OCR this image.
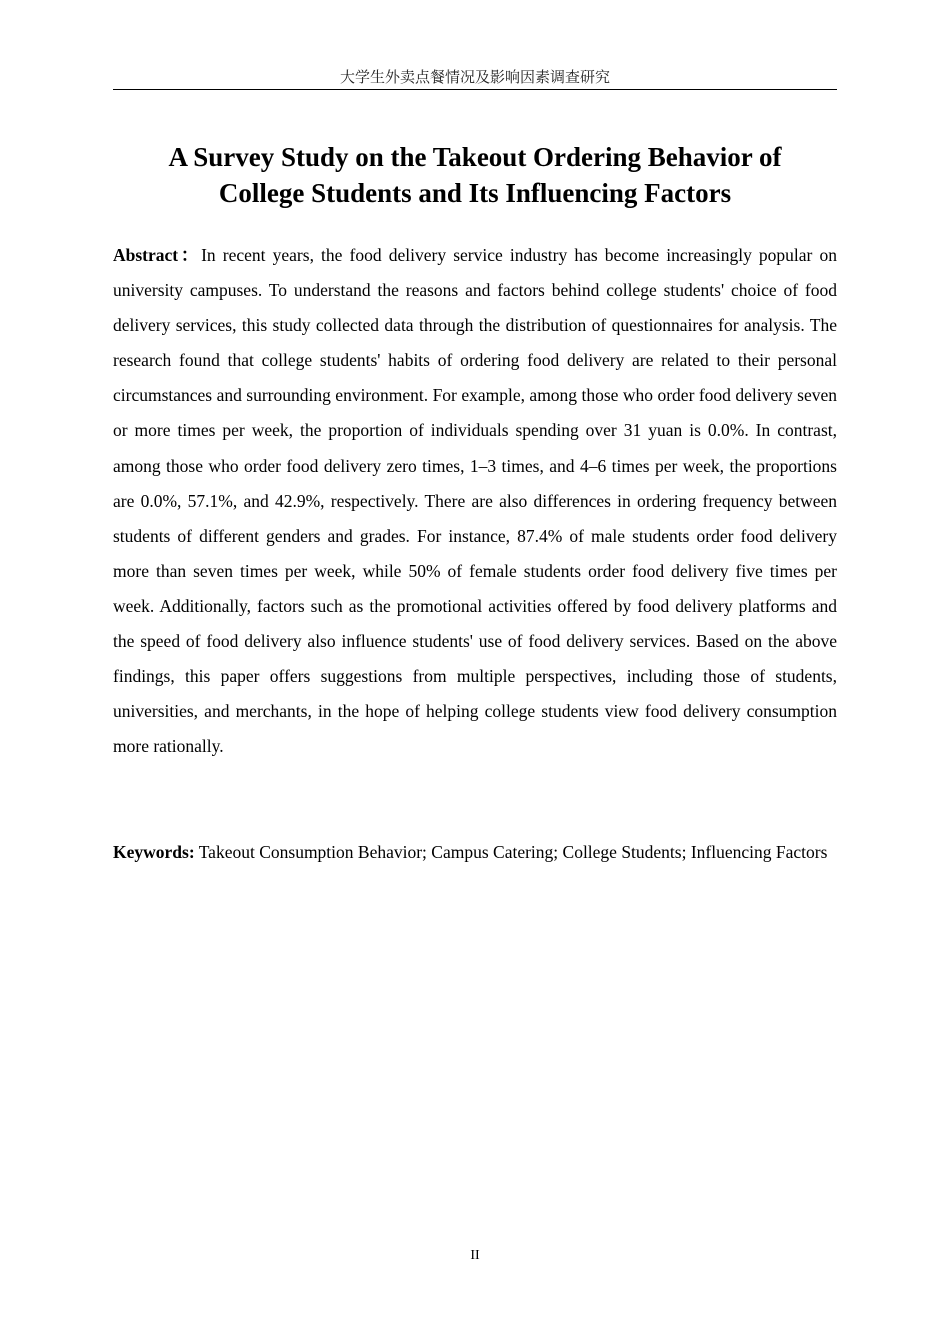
大学生外卖点餐情况及影响因素调查研究
A Survey Study on the Takeout Ordering Behavior of
College Students and Its Influencing Factors

Abstract：In recent years, the food delivery service industry has become increasingly popular on university campuses. To understand the reasons and factors behind college students' choice of food delivery services, this study collected data through the distribution of questionnaires for analysis. The research found that college students' habits of ordering food delivery are related to their personal circumstances and surrounding environment. For example, among those who order food delivery seven or more times per week, the proportion of individuals spending over 31 yuan is 0.0%. In contrast, among those who order food delivery zero times, 1–3 times, and 4–6 times per week, the proportions are 0.0%, 57.1%, and 42.9%, respectively. There are also differences in ordering frequency between students of different genders and grades. For instance, 87.4% of male students order food delivery more than seven times per week, while 50% of female students order food delivery five times per week. Additionally, factors such as the promotional activities offered by food delivery platforms and the speed of food delivery also influence students' use of food delivery services. Based on the above findings, this paper offers suggestions from multiple perspectives, including those of students, universities, and merchants, in the hope of helping college students view food delivery consumption more rationally.

Keywords: Takeout Consumption Behavior; Campus Catering; College Students; Influencing Factors

II
